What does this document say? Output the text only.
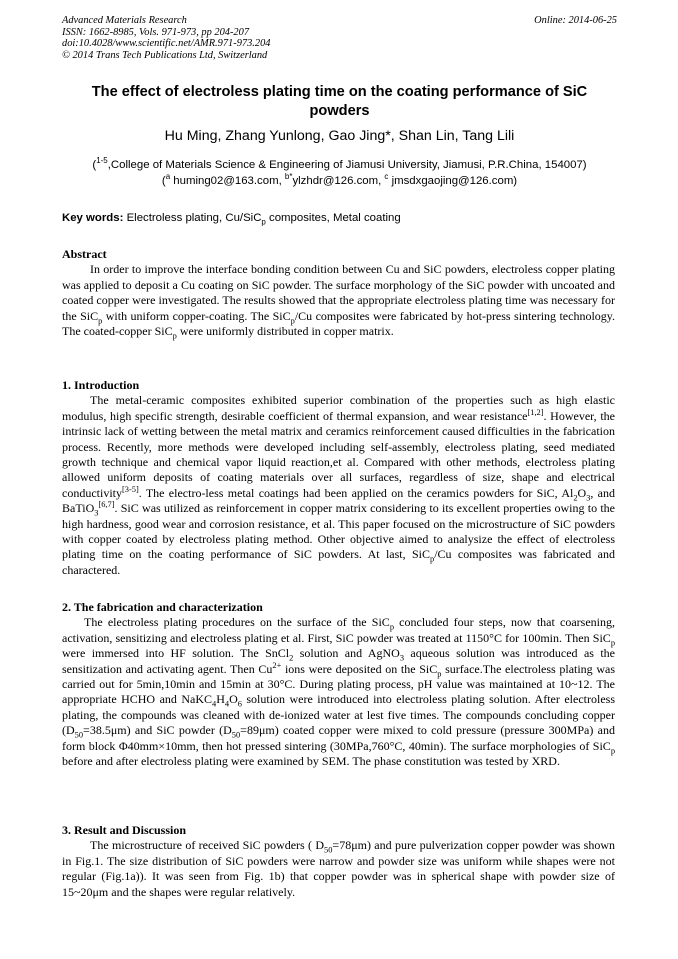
Advanced Materials Research
ISSN: 1662-8985, Vols. 971-973, pp 204-207
doi:10.4028/www.scientific.net/AMR.971-973.204
© 2014 Trans Tech Publications Ltd, Switzerland
Online: 2014-06-25
The effect of electroless plating time on the coating performance of SiC powders
Hu Ming, Zhang Yunlong, Gao Jing*, Shan Lin, Tang Lili
($^{1-5}$,College of Materials Science & Engineering of Jiamusi University, Jiamusi, P.R.China, 154007)
($^a$ huming02@163.com, $^{b*}$ylzhdr@126.com, $^c$ jmsdxgaojing@126.com)
Key words: Electroless plating, Cu/SiC$_p$ composites, Metal coating
Abstract

In order to improve the interface bonding condition between Cu and SiC powders, electroless copper plating was applied to deposit a Cu coating on SiC powder. The surface morphology of the SiC powder with uncoated and coated copper were investigated. The results showed that the appropriate electroless plating time was necessary for the SiC$_p$ with uniform copper-coating. The SiC$_p$/Cu composites were fabricated by hot-press sintering technology. The coated-copper SiC$_p$ were uniformly distributed in copper matrix.

1. Introduction

The metal-ceramic composites exhibited superior combination of the properties such as high elastic modulus, high specific strength, desirable coefficient of thermal expansion, and wear resistance[1,2]. However, the intrinsic lack of wetting between the metal matrix and ceramics reinforcement caused difficulties in the fabrication process. Recently, more methods were developed including self-assembly, electroless plating, seed mediated growth technique and chemical vapor liquid reaction,et al. Compared with other methods, electroless plating allowed uniform deposits of coating materials over all surfaces, regardless of size, shape and electrical conductivity[3-5]. The electro-less metal coatings had been applied on the ceramics powders for SiC, $Al_2O_3$, and BaTiO$_3$[6,7]. SiC was utilized as reinforcement in copper matrix considering to its excellent properties owing to the high hardness, good wear and corrosion resistance, et al. This paper focused on the microstructure of SiC powders with copper coated by electroless plating method. Other objective aimed to analysize the effect of electroless plating time on the coating performance of SiC powders. At last, SiC$_p$/Cu composites was fabricated and charactered.

2. The fabrication and characterization

The electroless plating procedures on the surface of the SiC$_p$ concluded four steps, now that coarsening, activation, sensitizing and electroless plating et al. First, SiC powder was treated at 1150°C for 100min. Then SiC$_p$ were immersed into HF solution. The SnCl$_2$ solution and AgNO$_3$ aqueous solution was introduced as the sensitization and activating agent. Then $Cu^{2+}$ ions were deposited on the SiC$_p$ surface.The electroless plating was carried out for 5min,10min and 15min at 30°C. During plating process, pH value was maintained at 10~12. The appropriate HCHO and $NaKC_4H_4O_6$ solution were introduced into electroless plating solution. After electroless plating, the compounds was cleaned with de-ionized water at lest five times. The compounds concluding copper $(D_{50}=38.5\mu m)$ and SiC powder $(D_{50}=89\mu m)$ coated copper were mixed to cold pressure (pressure 300MPa) and form block Φ40mm×10mm, then hot pressed sintering (30MPa,760°C, 40min). The surface morphologies of SiC$_p$ before and after electroless plating were examined by SEM. The phase constitution was tested by XRD.

3. Result and Discussion

The microstructure of received SiC powders ( $D_{50}=78\mu m$) and pure pulverization copper powder was shown in Fig.1. The size distribution of SiC powders were narrow and powder size was uniform while shapes were not regular (Fig.1a)). It was seen from Fig. 1b) that copper powder was in spherical shape with powder size of 15~20μm and the shapes were regular relatively.
